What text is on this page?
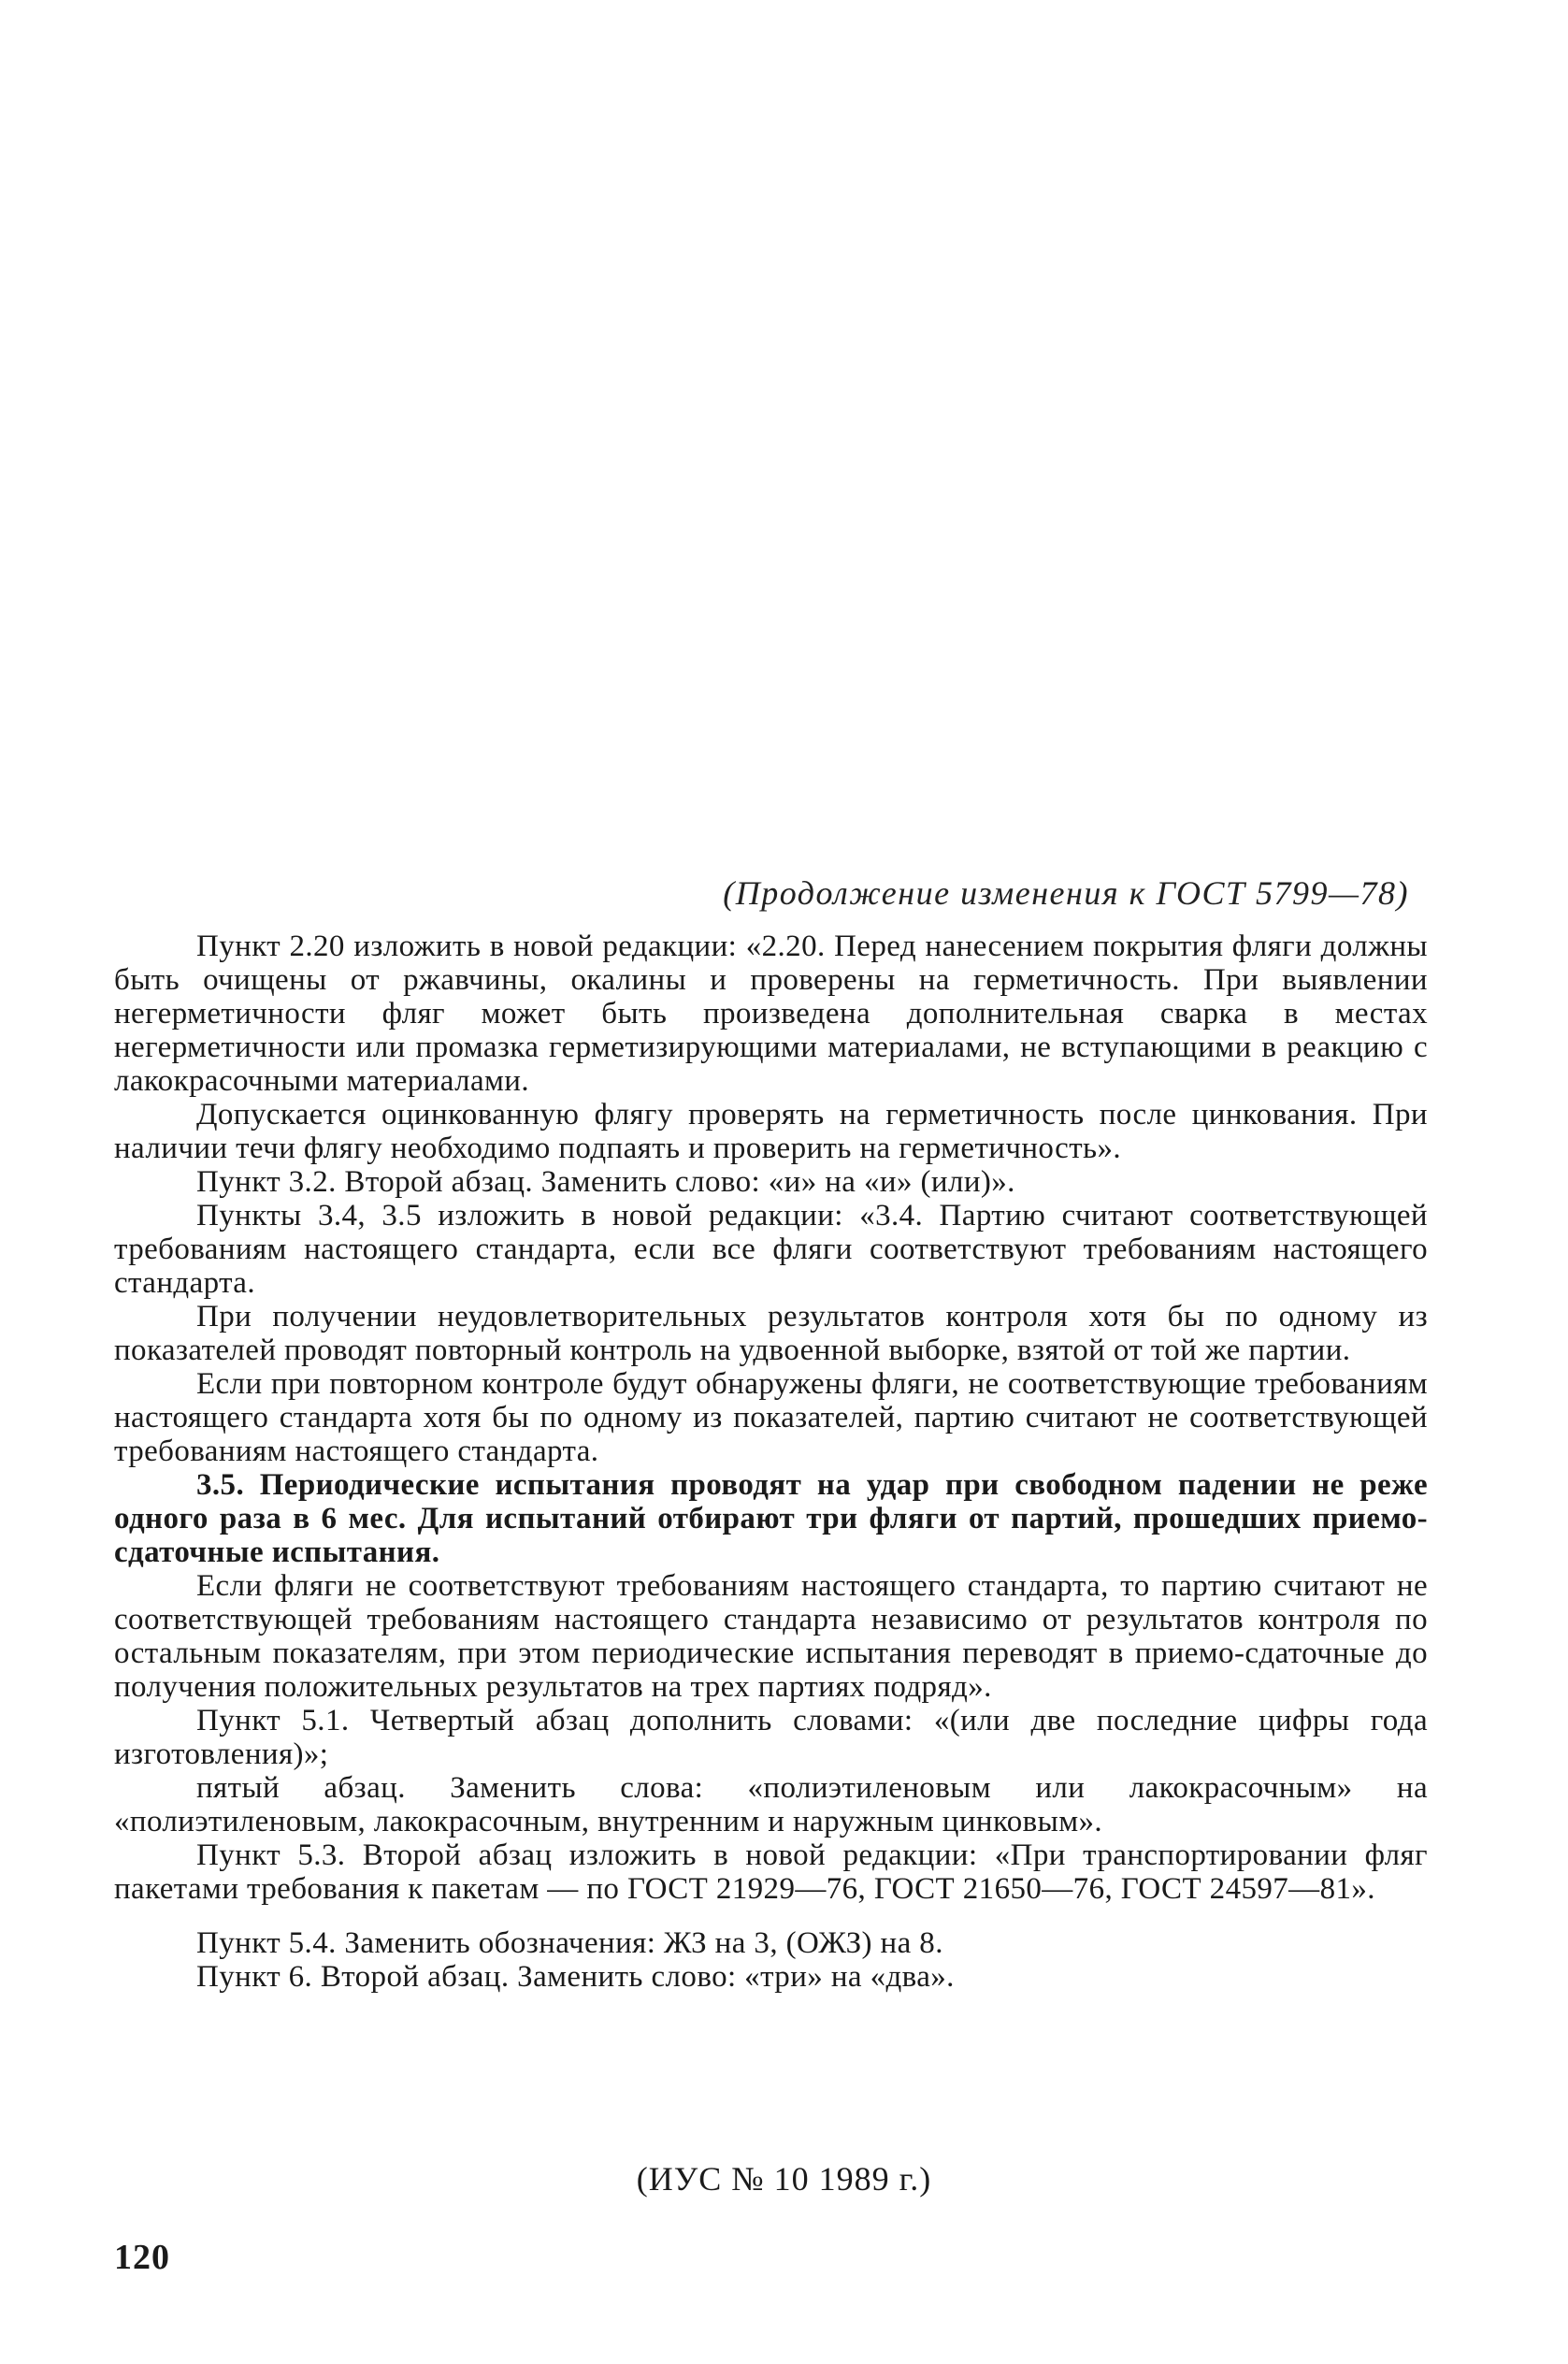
(Продолжение изменения к ГОСТ 5799—78)

Пункт 2.20 изложить в новой редакции: «2.20. Перед нанесением покрытия фляги должны быть очищены от ржавчины, окалины и проверены на герметичность. При выявлении негерметичности фляг может быть произведена дополнительная сварка в местах негерметичности или промазка герметизирующими материалами, не вступающими в реакцию с лакокрасочными материалами.

Допускается оцинкованную флягу проверять на герметичность после цинкования. При наличии течи флягу необходимо подпаять и проверить на герметичность».

Пункт 3.2. Второй абзац. Заменить слово: «и» на «и» (или)».

Пункты 3.4, 3.5 изложить в новой редакции: «3.4. Партию считают соответствующей требованиям настоящего стандарта, если все фляги соответствуют требованиям настоящего стандарта.

При получении неудовлетворительных результатов контроля хотя бы по одному из показателей проводят повторный контроль на удвоенной выборке, взятой от той же партии.

Если при повторном контроле будут обнаружены фляги, не соответствующие требованиям настоящего стандарта хотя бы по одному из показателей, партию считают не соответствующей требованиям настоящего стандарта.

3.5. Периодические испытания проводят на удар при свободном падении не реже одного раза в 6 мес. Для испытаний отбирают три фляги от партий, прошедших приемо-сдаточные испытания.

Если фляги не соответствуют требованиям настоящего стандарта, то партию считают не соответствующей требованиям настоящего стандарта независимо от результатов контроля по остальным показателям, при этом периодические испытания переводят в приемо-сдаточные до получения положительных результатов на трех партиях подряд».

Пункт 5.1. Четвертый абзац дополнить словами: «(или две последние цифры года изготовления)»;

пятый абзац. Заменить слова: «полиэтиленовым или лакокрасочным» на «полиэтиленовым, лакокрасочным, внутренним и наружным цинковым».

Пункт 5.3. Второй абзац изложить в новой редакции: «При транспортировании фляг пакетами требования к пакетам — по ГОСТ 21929—76, ГОСТ 21650—76, ГОСТ 24597—81».

Пункт 5.4. Заменить обозначения: ЖЗ на 3, (ОЖЗ) на 8.

Пункт 6. Второй абзац. Заменить слово: «три» на «два».

(ИУС № 10 1989 г.)
120
